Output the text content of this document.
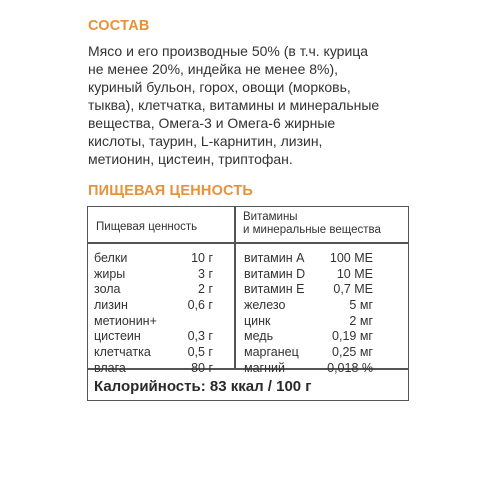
СОСТАВ
Мясо и его производные 50% (в т.ч. курица
не менее 20%, индейка не менее 8%),
куриный бульон, горох, овощи (морковь,
тыква), клетчатка, витамины и минеральные
вещества, Омега-3 и Омега-6 жирные
кислоты, таурин, L-карнитин, лизин,
метионин, цистеин, триптофан.
ПИЩЕВАЯ ЦЕННОСТЬ
Пищевая ценность
Витамины
и минеральные вещества
белки	10 г
жиры	3 г
зола	2 г
лизин	0,6 г
метионин+
цистеин	0,3 г
клетчатка	0,5 г
влага	80 г
витамин А 100 МЕ
витамин D	10 МЕ
витамин Е 0,7 МЕ
железо	5 мг
цинк	2 мг
медь	0,19 мг
марганец	0,25 мг
магний	0,018 %
Калорийность: 83 ккал / 100 г
